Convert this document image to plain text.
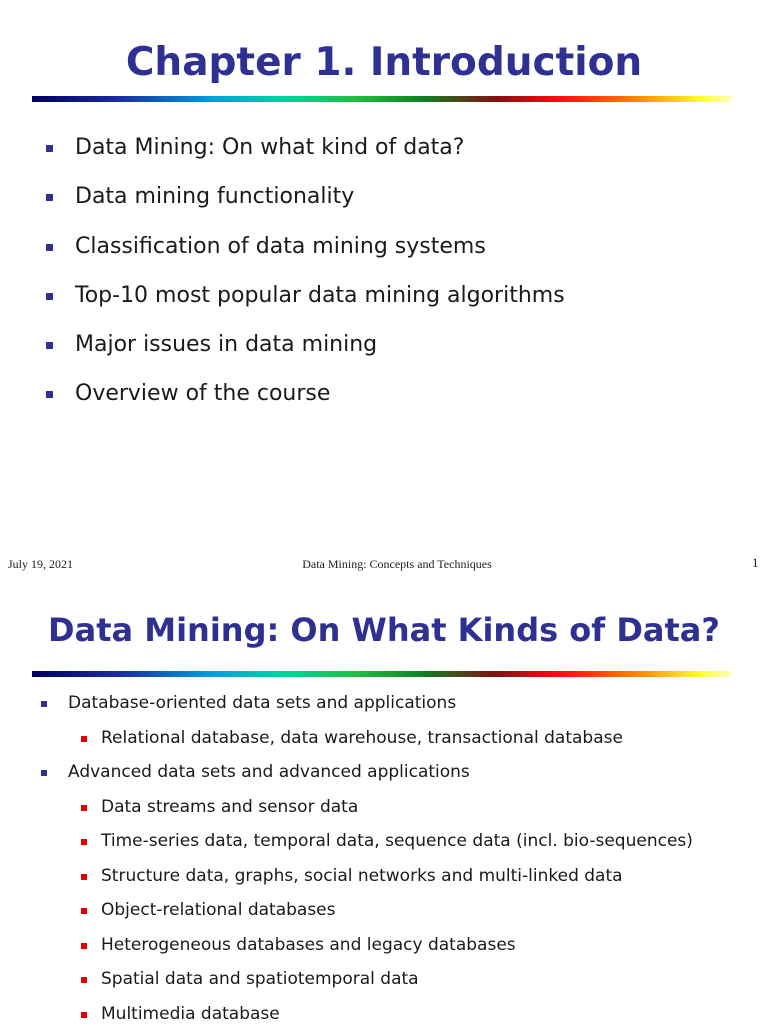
Chapter 1. Introduction
Data Mining: On what kind of data?
Data mining functionality
Classification of data mining systems
Top-10 most popular data mining algorithms
Major issues in data mining
Overview of the course
July 19, 2021	Data Mining: Concepts and Techniques	1
Data Mining: On What Kinds of Data?
Database-oriented data sets and applications
Relational database, data warehouse, transactional database
Advanced data sets and advanced applications
Data streams and sensor data
Time-series data, temporal data, sequence data (incl. bio-sequences)
Structure data, graphs, social networks and multi-linked data
Object-relational databases
Heterogeneous databases and legacy databases
Spatial data and spatiotemporal data
Multimedia database
